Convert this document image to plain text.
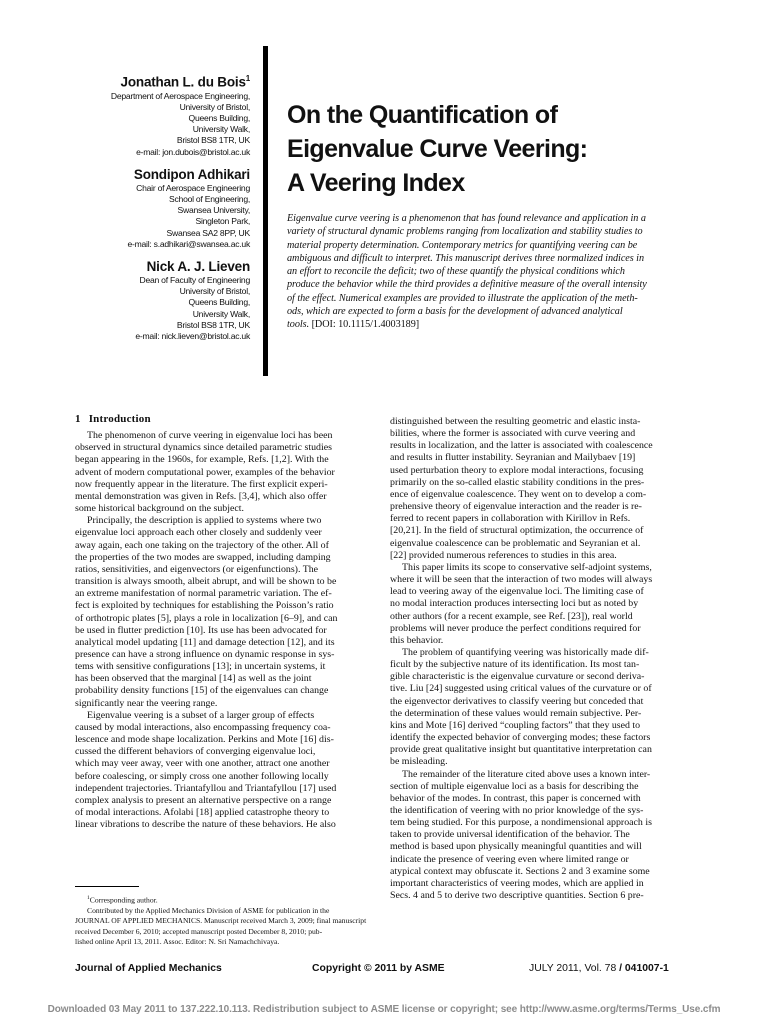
Jonathan L. du Bois$^1$
Department of Aerospace Engineering,
University of Bristol,
Queens Building,
University Walk,
Bristol BS8 1TR, UK
e-mail: jon.dubois@bristol.ac.uk
Sondipon Adhikari
Chair of Aerospace Engineering
School of Engineering,
Swansea University,
Singleton Park,
Swansea SA2 8PP, UK
e-mail: s.adhikari@swansea.ac.uk
Nick A. J. Lieven
Dean of Faculty of Engineering
University of Bristol,
Queens Building,
University Walk,
Bristol BS8 1TR, UK
e-mail: nick.lieven@bristol.ac.uk
On the Quantification of
Eigenvalue Curve Veering:
A Veering Index
Eigenvalue curve veering is a phenomenon that has found relevance and application in a
variety of structural dynamic problems ranging from localization and stability studies to
material property determination. Contemporary metrics for quantifying veering can be
ambiguous and difficult to interpret. This manuscript derives three normalized indices in
an effort to reconcile the deficit; two of these quantify the physical conditions which
produce the behavior while the third provides a definitive measure of the overall intensity
of the effect. Numerical examples are provided to illustrate the application of the meth-
ods, which are expected to form a basis for the development of advanced analytical
tools. [DOI: 10.1115/1.4003189]
1 Introduction
The phenomenon of curve veering in eigenvalue loci has been
observed in structural dynamics since detailed parametric studies
began appearing in the 1960s, for example, Refs. [1,2]. With the
advent of modern computational power, examples of the behavior
now frequently appear in the literature. The first explicit experi-
mental demonstration was given in Refs. [3,4], which also offer
some historical background on the subject.
Principally, the description is applied to systems where two
eigenvalue loci approach each other closely and suddenly veer
away again, each one taking on the trajectory of the other. All of
the properties of the two modes are swapped, including damping
ratios, sensitivities, and eigenvectors (or eigenfunctions). The
transition is always smooth, albeit abrupt, and will be shown to be
an extreme manifestation of normal parametric variation. The ef-
fect is exploited by techniques for establishing the Poisson’s ratio
of orthotropic plates [5], plays a role in localization [6–9], and can
be used in flutter prediction [10]. Its use has been advocated for
analytical model updating [11] and damage detection [12], and its
presence can have a strong influence on dynamic response in sys-
tems with sensitive configurations [13]; in uncertain systems, it
has been observed that the marginal [14] as well as the joint
probability density functions [15] of the eigenvalues can change
significantly near the veering range.
Eigenvalue veering is a subset of a larger group of effects
caused by modal interactions, also encompassing frequency coa-
lescence and mode shape localization. Perkins and Mote [16] dis-
cussed the different behaviors of converging eigenvalue loci,
which may veer away, veer with one another, attract one another
before coalescing, or simply cross one another following locally
independent trajectories. Triantafyllou and Triantafyllou [17] used
complex analysis to present an alternative perspective on a range
of modal interactions. Afolabi [18] applied catastrophe theory to
linear vibrations to describe the nature of these behaviors. He also
distinguished between the resulting geometric and elastic insta-
bilities, where the former is associated with curve veering and
results in localization, and the latter is associated with coalescence
and results in flutter instability. Seyranian and Mailybaev [19]
used perturbation theory to explore modal interactions, focusing
primarily on the so-called elastic stability conditions in the pres-
ence of eigenvalue coalescence. They went on to develop a com-
prehensive theory of eigenvalue interaction and the reader is re-
ferred to recent papers in collaboration with Kirillov in Refs.
[20,21]. In the field of structural optimization, the occurrence of
eigenvalue coalescence can be problematic and Seyranian et al.
[22] provided numerous references to studies in this area.
This paper limits its scope to conservative self-adjoint systems,
where it will be seen that the interaction of two modes will always
lead to veering away of the eigenvalue loci. The limiting case of
no modal interaction produces intersecting loci but as noted by
other authors (for a recent example, see Ref. [23]), real world
problems will never produce the perfect conditions required for
this behavior.
The problem of quantifying veering was historically made dif-
ficult by the subjective nature of its identification. Its most tan-
gible characteristic is the eigenvalue curvature or second deriva-
tive. Liu [24] suggested using critical values of the curvature or of
the eigenvector derivatives to classify veering but conceded that
the determination of these values would remain subjective. Per-
kins and Mote [16] derived “coupling factors” that they used to
identify the expected behavior of converging modes; these factors
provide great qualitative insight but quantitative interpretation can
be misleading.
The remainder of the literature cited above uses a known inter-
section of multiple eigenvalue loci as a basis for describing the
behavior of the modes. In contrast, this paper is concerned with
the identification of veering with no prior knowledge of the sys-
tem being studied. For this purpose, a nondimensional approach is
taken to provide universal identification of the behavior. The
method is based upon physically meaningful quantities and will
indicate the presence of veering even where limited range or
atypical context may obfuscate it. Sections 2 and 3 examine some
important characteristics of veering modes, which are applied in
Secs. 4 and 5 to derive two descriptive quantities. Section 6 pre-
$^1$Corresponding author.
Contributed by the Applied Mechanics Division of ASME for publication in the
JOURNAL OF APPLIED MECHANICS. Manuscript received March 3, 2009; final manuscript
received December 6, 2010; accepted manuscript posted December 8, 2010; pub-
lished online April 13, 2011. Assoc. Editor: N. Sri Namachchivaya.
Journal of Applied Mechanics	Copyright © 2011 by ASME	JULY 2011, Vol. 78 / 041007-1
Downloaded 03 May 2011 to 137.222.10.113. Redistribution subject to ASME license or copyright; see http://www.asme.org/terms/Terms_Use.cfm
